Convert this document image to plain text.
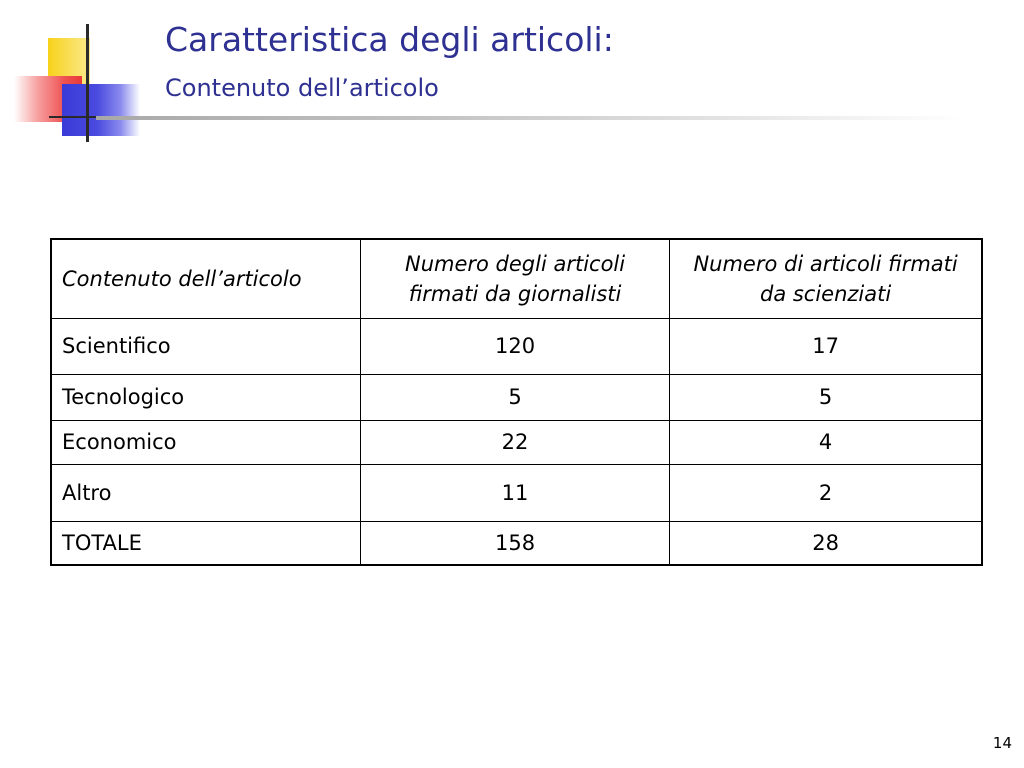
Caratteristica degli articoli:
Contenuto dell’articolo
Contenuto dell’articolo	Numero degli articoli firmati da giornalisti	Numero di articoli firmati da scienziati
Scientifico	120	17
Tecnologico	5	5
Economico	22	4
Altro	11	2
TOTALE	158	28
14
